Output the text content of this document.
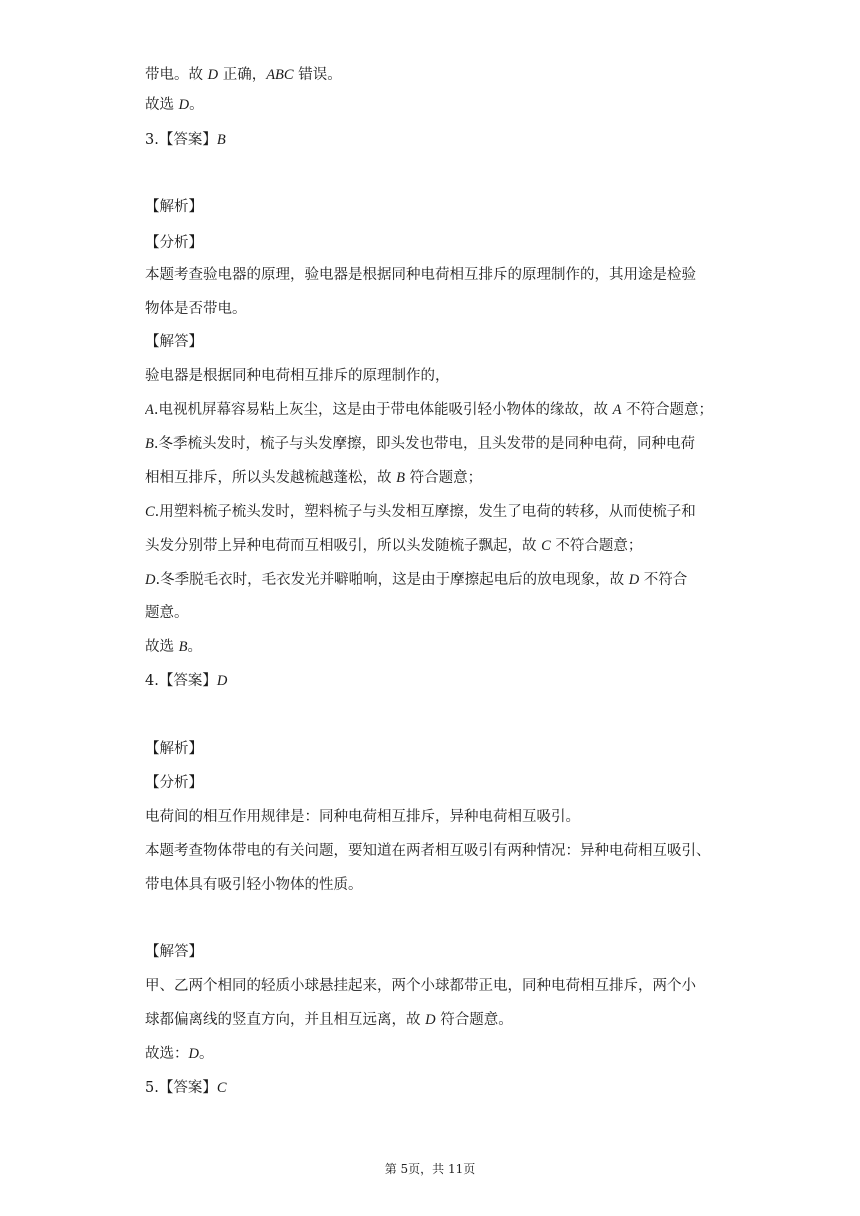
第 5页，共 11页
带电。故 D 正确，ABC 错误。
故选 D。
3.【答案】B
【解析】
【分析】
本题考查验电器的原理，验电器是根据同种电荷相互排斥的原理制作的，其用途是检验
物体是否带电。
【解答】
验电器是根据同种电荷相互排斥的原理制作的，
A.电视机屏幕容易粘上灰尘，这是由于带电体能吸引轻小物体的缘故，故 A 不符合题意；
B.冬季梳头发时，梳子与头发摩擦，即头发也带电，且头发带的是同种电荷，同种电荷
相相互排斥，所以头发越梳越蓬松，故 B 符合题意；
C.用塑料梳子梳头发时，塑料梳子与头发相互摩擦，发生了电荷的转移，从而使梳子和
头发分别带上异种电荷而互相吸引，所以头发随梳子飘起，故 C 不符合题意；
D.冬季脱毛衣时，毛衣发光并噼啪响，这是由于摩擦起电后的放电现象，故 D 不符合
题意。
故选 B。
4.【答案】D
【解析】
【分析】
电荷间的相互作用规律是：同种电荷相互排斥，异种电荷相互吸引。
本题考查物体带电的有关问题，要知道在两者相互吸引有两种情况：异种电荷相互吸引、
带电体具有吸引轻小物体的性质。
【解答】
甲、乙两个相同的轻质小球悬挂起来，两个小球都带正电，同种电荷相互排斥，两个小
球都偏离线的竖直方向，并且相互远离，故 D 符合题意。
故选：D。
5.【答案】C
